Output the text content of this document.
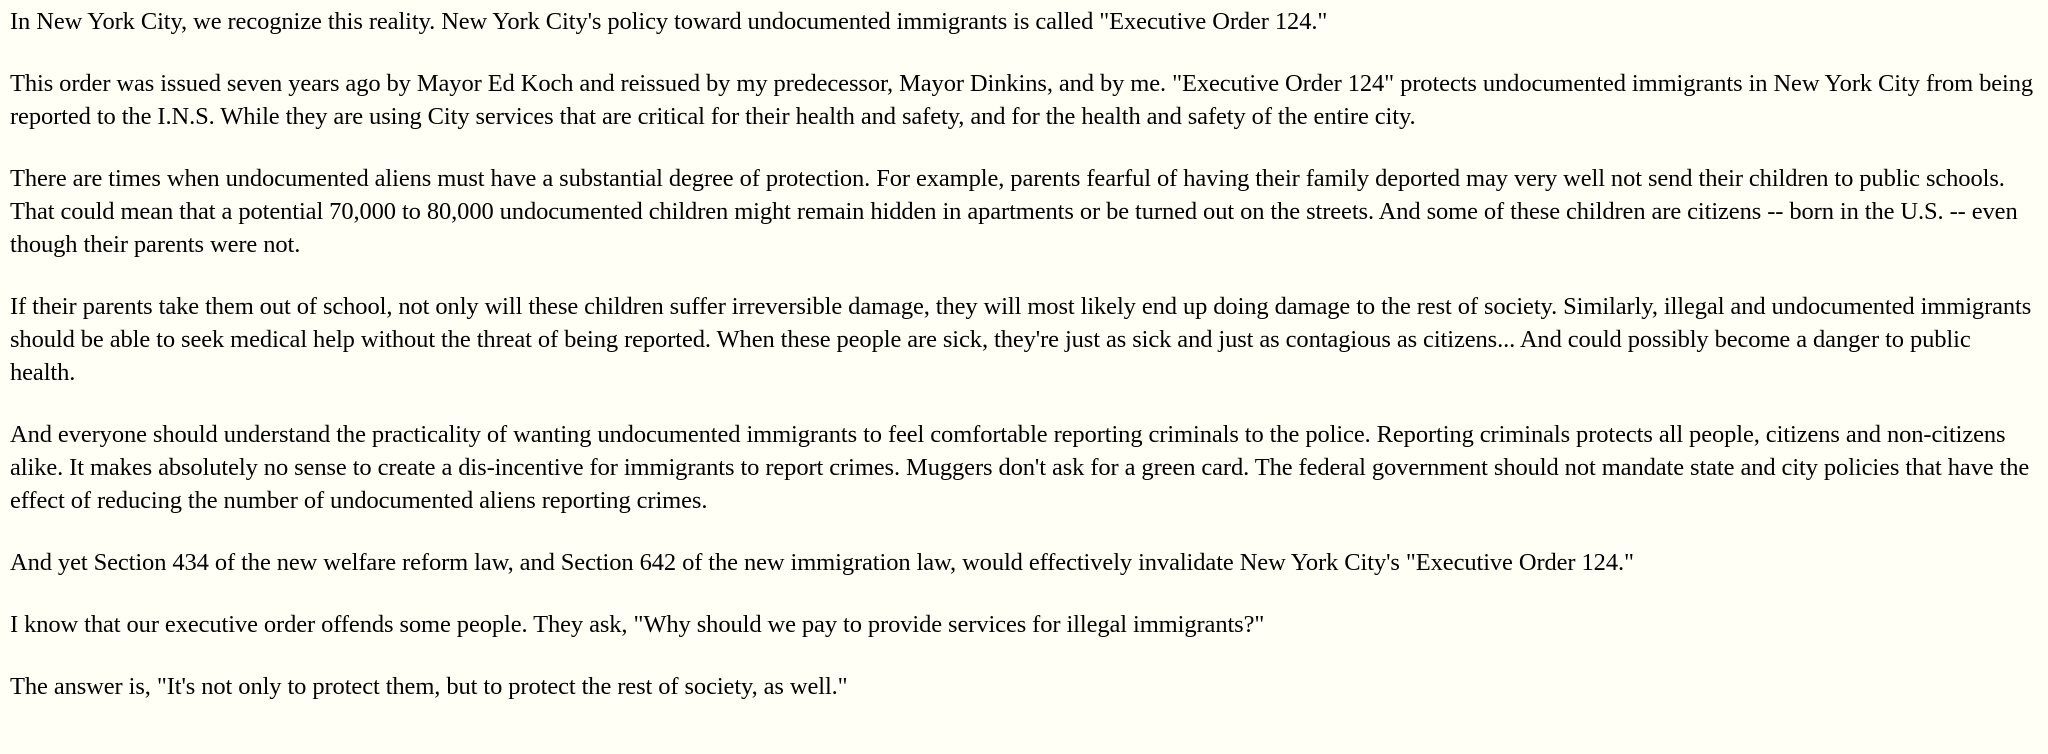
In New York City, we recognize this reality. New York City's policy toward undocumented immigrants is called "Executive Order 124."

This order was issued seven years ago by Mayor Ed Koch and reissued by my predecessor, Mayor Dinkins, and by me. "Executive Order 124" protects undocumented immigrants in New York City from being reported to the I.N.S. While they are using City services that are critical for their health and safety, and for the health and safety of the entire city.

There are times when undocumented aliens must have a substantial degree of protection. For example, parents fearful of having their family deported may very well not send their children to public schools. That could mean that a potential 70,000 to 80,000 undocumented children might remain hidden in apartments or be turned out on the streets. And some of these children are citizens -- born in the U.S. -- even though their parents were not.

If their parents take them out of school, not only will these children suffer irreversible damage, they will most likely end up doing damage to the rest of society. Similarly, illegal and undocumented immigrants should be able to seek medical help without the threat of being reported. When these people are sick, they're just as sick and just as contagious as citizens... And could possibly become a danger to public health.

And everyone should understand the practicality of wanting undocumented immigrants to feel comfortable reporting criminals to the police. Reporting criminals protects all people, citizens and non-citizens alike. It makes absolutely no sense to create a dis-incentive for immigrants to report crimes. Muggers don't ask for a green card. The federal government should not mandate state and city policies that have the effect of reducing the number of undocumented aliens reporting crimes.

And yet Section 434 of the new welfare reform law, and Section 642 of the new immigration law, would effectively invalidate New York City's "Executive Order 124."

I know that our executive order offends some people. They ask, "Why should we pay to provide services for illegal immigrants?"

The answer is, "It's not only to protect them, but to protect the rest of society, as well."
